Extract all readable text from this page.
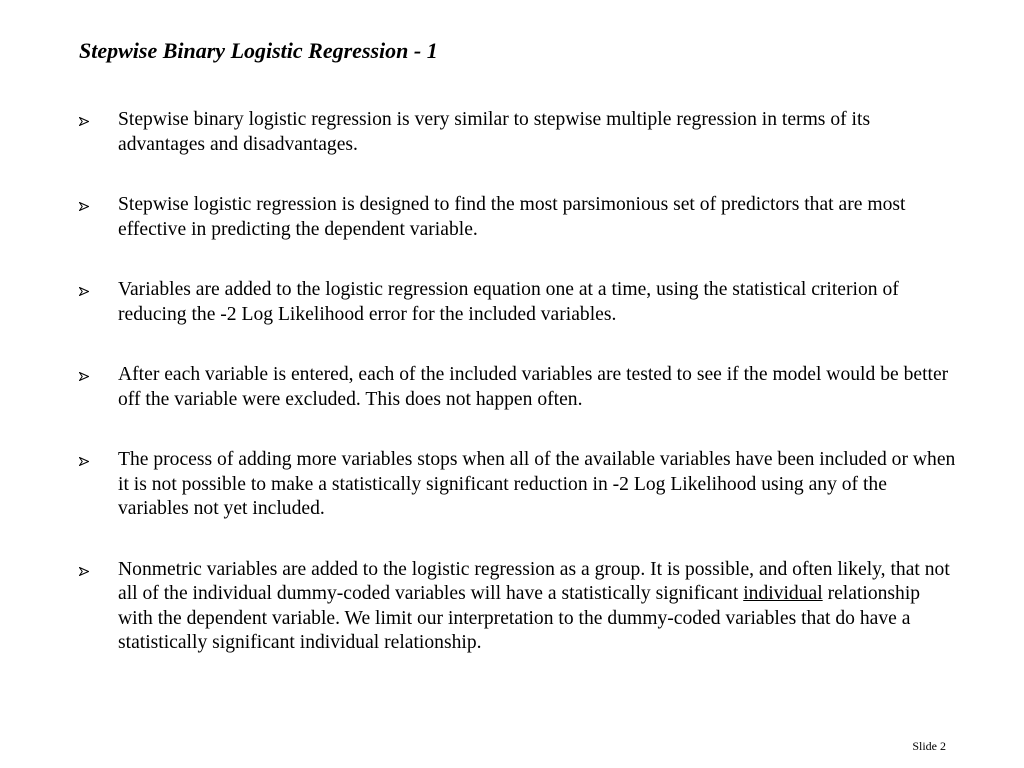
Stepwise Binary Logistic Regression - 1
Stepwise binary logistic regression is very similar to stepwise multiple regression in terms of its advantages and disadvantages.
Stepwise logistic regression is designed to find the most parsimonious set of predictors that are most effective in predicting the dependent variable.
Variables are added to the logistic regression equation one at a time, using the statistical criterion of reducing the -2 Log Likelihood error for the included variables.
After each variable is entered, each of the included variables are tested to see if the model would be better off the variable were excluded. This does not happen often.
The process of adding more variables stops when all of the available variables have been included or when it is not possible to make a statistically significant reduction in -2 Log Likelihood using any of the variables not yet included.
Nonmetric variables are added to the logistic regression as a group. It is possible, and often likely, that not all of the individual dummy-coded variables will have a statistically significant individual relationship with the dependent variable. We limit our interpretation to the dummy-coded variables that do have a statistically significant individual relationship.
Slide 2
